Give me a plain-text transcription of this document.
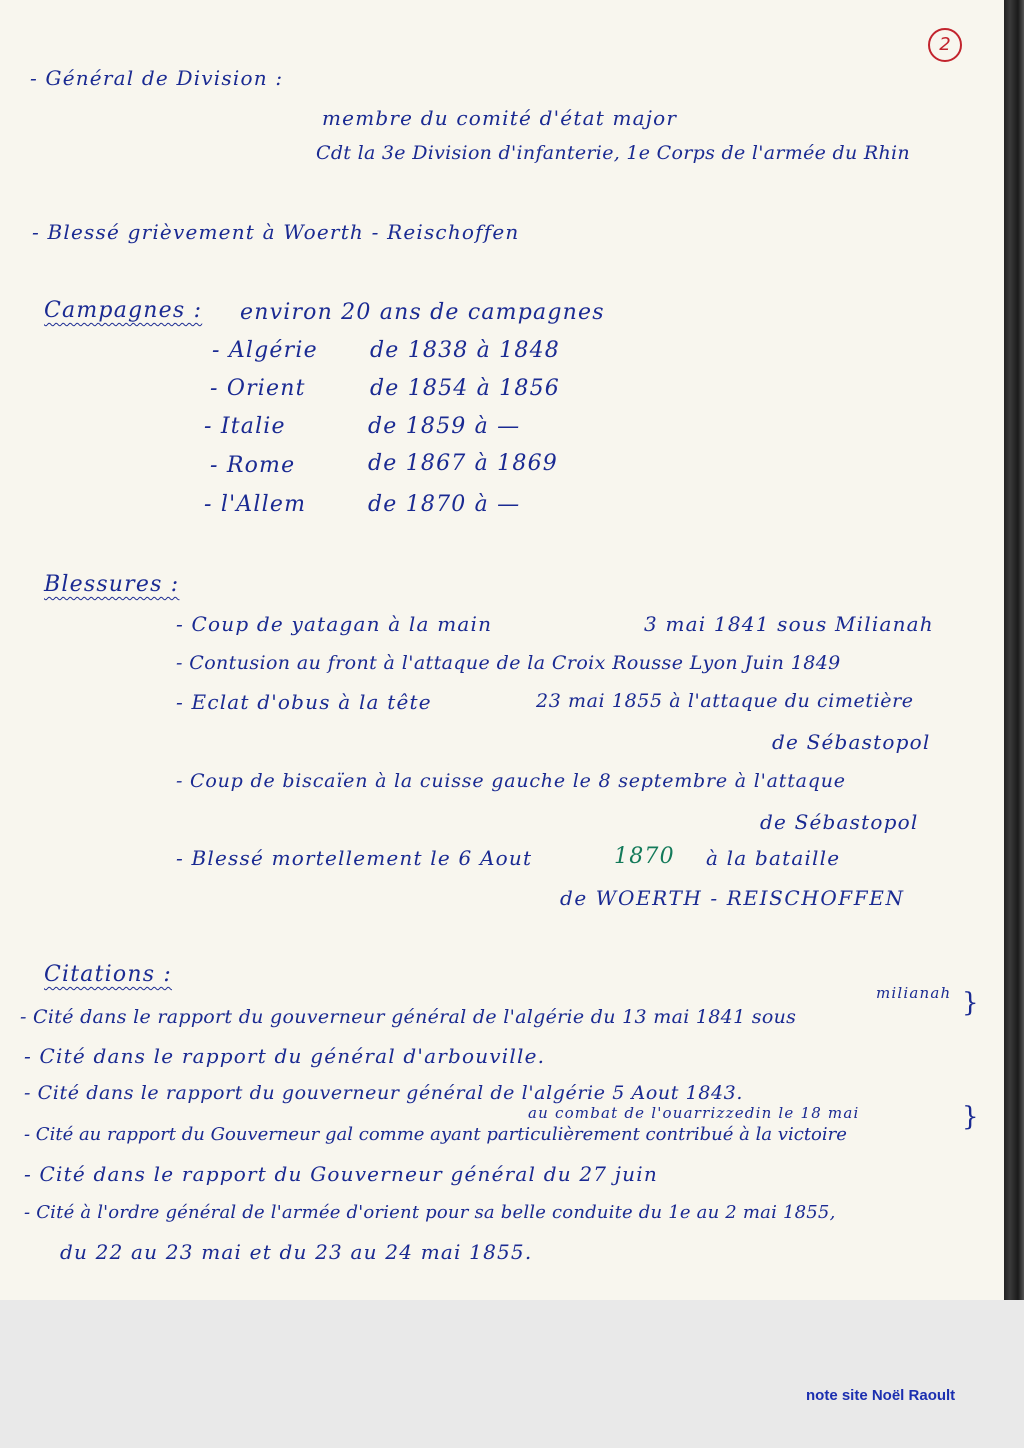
2
- Général de Division :
membre du comité d'état major
Cdt la 3e Division d'infanterie, 1e Corps de l'armée du Rhin
- Blessé grièvement à Woerth - Reischoffen
Campagnes : environ 20 ans de campagnes
- Algérie de 1838 à 1848
- Orient	de 1854 à 1856
- Italie	de 1859 à —
- Rome	de 1867 à 1869
- l'Allem	de 1870 à —
Blessures :
- Coup de yatagan à la main	3 mai 1841 sous Milianah
- Contusion au front à l'attaque de la Croix Rousse Lyon Juin 1849
- Eclat d'obus à la tête	23 mai 1855 à l'attaque du cimetière
de Sébastopol
- Coup de biscaïen à la cuisse gauche le 8 septembre à l'attaque
de Sébastopol
- Blessé mortellement le 6 Aout	1870 à la bataille
de WOERTH - REISCHOFFEN
Citations :
milianah
- Cité dans le rapport du gouverneur général de l'algérie du 13 mai 1841 sous	}
- Cité dans le rapport du général d'arbouville.
- Cité dans le rapport du gouverneur général de l'algérie 5 Aout 1843.
au combat de l'ouarrizzedin le 18 mai
- Cité au rapport du Gouverneur gal comme ayant particulièrement contribué à la victoire
}
- Cité dans le rapport du Gouverneur général du 27 juin
- Cité à l'ordre général de l'armée d'orient pour sa belle conduite du 1e au 2 mai 1855,
du 22 au 23 mai et du 23 au 24 mai 1855.
note site Noël Raoult
